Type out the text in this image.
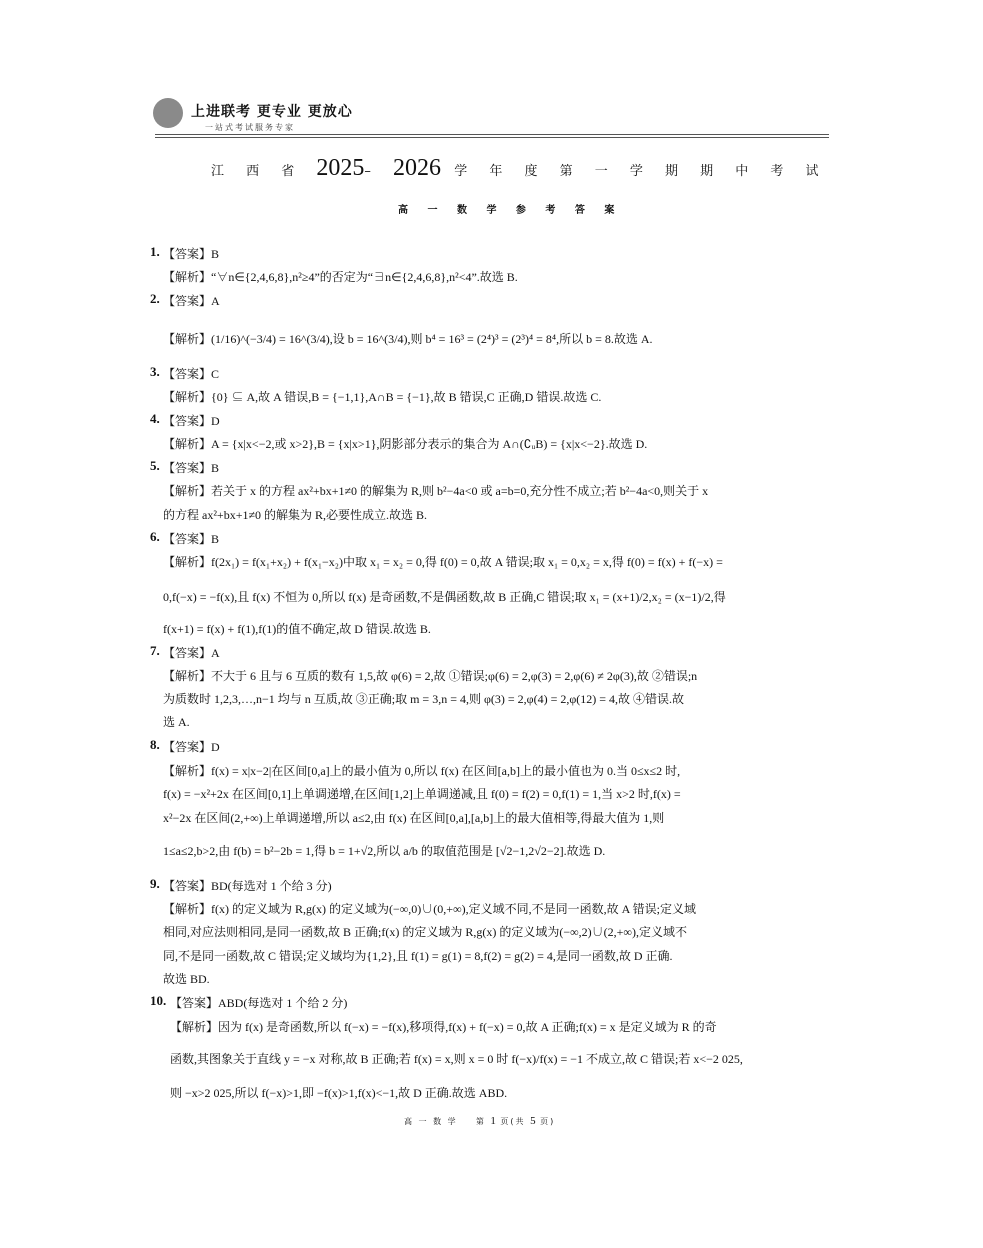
上进联考 更专业 更放心
一站式考试服务专家
江 西 省 2025– 2026 学 年 度 第 一 学 期 期 中 考 试
高 一 数 学 参 考 答 案
1. 【答案】B
【解析】“∀n∈{2,4,6,8},n²≥4”的否定为“∃n∈{2,4,6,8},n²<4”.故选 B.
2. 【答案】A
【解析】(1/16)^(−3/4) = 16^(3/4),设 b = 16^(3/4),则 b⁴ = 16³ = (2⁴)³ = (2³)⁴ = 8⁴,所以 b = 8.故选 A.
3. 【答案】C
【解析】{0} ⊆ A,故 A 错误,B = {−1,1},A∩B = {−1},故 B 错误,C 正确,D 错误.故选 C.
4. 【答案】D
【解析】A = {x|x<−2,或 x>2},B = {x|x>1},阴影部分表示的集合为 A∩(∁ᵤB) = {x|x<−2}.故选 D.
5. 【答案】B
【解析】若关于 x 的方程 ax²+bx+1≠0 的解集为 R,则 b²−4a<0 或 a=b=0,充分性不成立;若 b²−4a<0,则关于 x
的方程 ax²+bx+1≠0 的解集为 R,必要性成立.故选 B.
6. 【答案】B
【解析】f(2x₁) = f(x₁+x₂) + f(x₁−x₂)中取 x₁ = x₂ = 0,得 f(0) = 0,故 A 错误;取 x₁ = 0,x₂ = x,得 f(0) = f(x) + f(−x) =
0,f(−x) = −f(x),且 f(x) 不恒为 0,所以 f(x) 是奇函数,不是偶函数,故 B 正确,C 错误;取 x₁ = (x+1)/2,x₂ = (x−1)/2,得
f(x+1) = f(x) + f(1),f(1)的值不确定,故 D 错误.故选 B.
7. 【答案】A
【解析】不大于 6 且与 6 互质的数有 1,5,故 φ(6) = 2,故 ①错误;φ(6) = 2,φ(3) = 2,φ(6) ≠ 2φ(3),故 ②错误;n
为质数时 1,2,3,…,n−1 均与 n 互质,故 ③正确;取 m = 3,n = 4,则 φ(3) = 2,φ(4) = 2,φ(12) = 4,故 ④错误.故
选 A.
8. 【答案】D
【解析】f(x) = x|x−2|在区间[0,a]上的最小值为 0,所以 f(x) 在区间[a,b]上的最小值也为 0.当 0≤x≤2 时,
f(x) = −x²+2x 在区间[0,1]上单调递增,在区间[1,2]上单调递减,且 f(0) = f(2) = 0,f(1) = 1,当 x>2 时,f(x) =
x²−2x 在区间(2,+∞)上单调递增,所以 a≤2,由 f(x) 在区间[0,a],[a,b]上的最大值相等,得最大值为 1,则
1≤a≤2,b>2,由 f(b) = b²−2b = 1,得 b = 1+√2,所以 a/b 的取值范围是 [√2−1,2√2−2].故选 D.
9. 【答案】BD(每选对 1 个给 3 分)
【解析】f(x) 的定义域为 R,g(x) 的定义域为(−∞,0)∪(0,+∞),定义域不同,不是同一函数,故 A 错误;定义域
相同,对应法则相同,是同一函数,故 B 正确;f(x) 的定义域为 R,g(x) 的定义域为(−∞,2)∪(2,+∞),定义域不
同,不是同一函数,故 C 错误;定义域均为{1,2},且 f(1) = g(1) = 8,f(2) = g(2) = 4,是同一函数,故 D 正确.
故选 BD.
10. 【答案】ABD(每选对 1 个给 2 分)
【解析】因为 f(x) 是奇函数,所以 f(−x) = −f(x),移项得,f(x) + f(−x) = 0,故 A 正确;f(x) = x 是定义域为 R 的奇
函数,其图象关于直线 y = −x 对称,故 B 正确;若 f(x) = x,则 x = 0 时 f(−x)/f(x) = −1 不成立,故 C 错误;若 x<−2 025,
则 −x>2 025,所以 f(−x)>1,即 −f(x)>1,f(x)<−1,故 D 正确.故选 ABD.
高 一 数 学 第 1 页(共 5 页)
